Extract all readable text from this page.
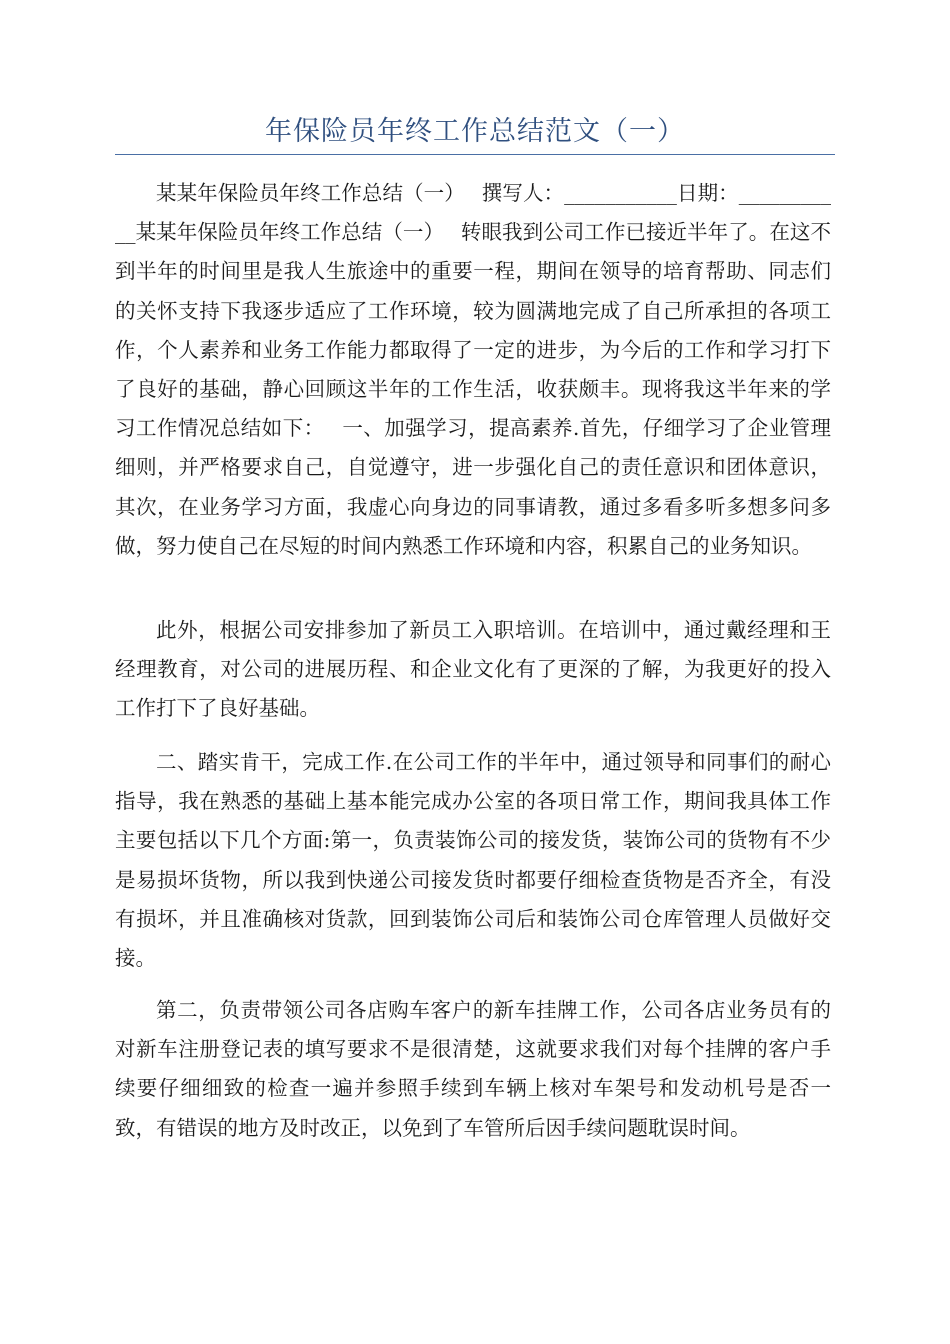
年保险员年终工作总结范文（一）

某某年保险员年终工作总结（一）　 撰写人：___________日期：___________某某年保险员年终工作总结（一）　 转眼我到公司工作已接近半年了。在这不到半年的时间里是我人生旅途中的重要一程，期间在领导的培育帮助、同志们的关怀支持下我逐步适应了工作环境，较为圆满地完成了自己所承担的各项工作，个人素养和业务工作能力都取得了一定的进步，为今后的工作和学习打下了良好的基础，静心回顾这半年的工作生活，收获颇丰。现将我这半年来的学习工作情况总结如下：　 一、加强学习，提高素养.首先，仔细学习了企业管理细则，并严格要求自己，自觉遵守，进一步强化自己的责任意识和团体意识，其次，在业务学习方面，我虚心向身边的同事请教，通过多看多听多想多问多做，努力使自己在尽短的时间内熟悉工作环境和内容，积累自己的业务知识。

此外，根据公司安排参加了新员工入职培训。在培训中，通过戴经理和王经理教育，对公司的进展历程、和企业文化有了更深的了解，为我更好的投入工作打下了良好基础。

二、踏实肯干，完成工作.在公司工作的半年中，通过领导和同事们的耐心指导，我在熟悉的基础上基本能完成办公室的各项日常工作，期间我具体工作主要包括以下几个方面:第一，负责装饰公司的接发货，装饰公司的货物有不少是易损坏货物，所以我到快递公司接发货时都要仔细检查货物是否齐全，有没有损坏，并且准确核对货款，回到装饰公司后和装饰公司仓库管理人员做好交接。

第二，负责带领公司各店购车客户的新车挂牌工作，公司各店业务员有的对新车注册登记表的填写要求不是很清楚，这就要求我们对每个挂牌的客户手续要仔细细致的检查一遍并参照手续到车辆上核对车架号和发动机号是否一致，有错误的地方及时改正，以免到了车管所后因手续问题耽误时间。
